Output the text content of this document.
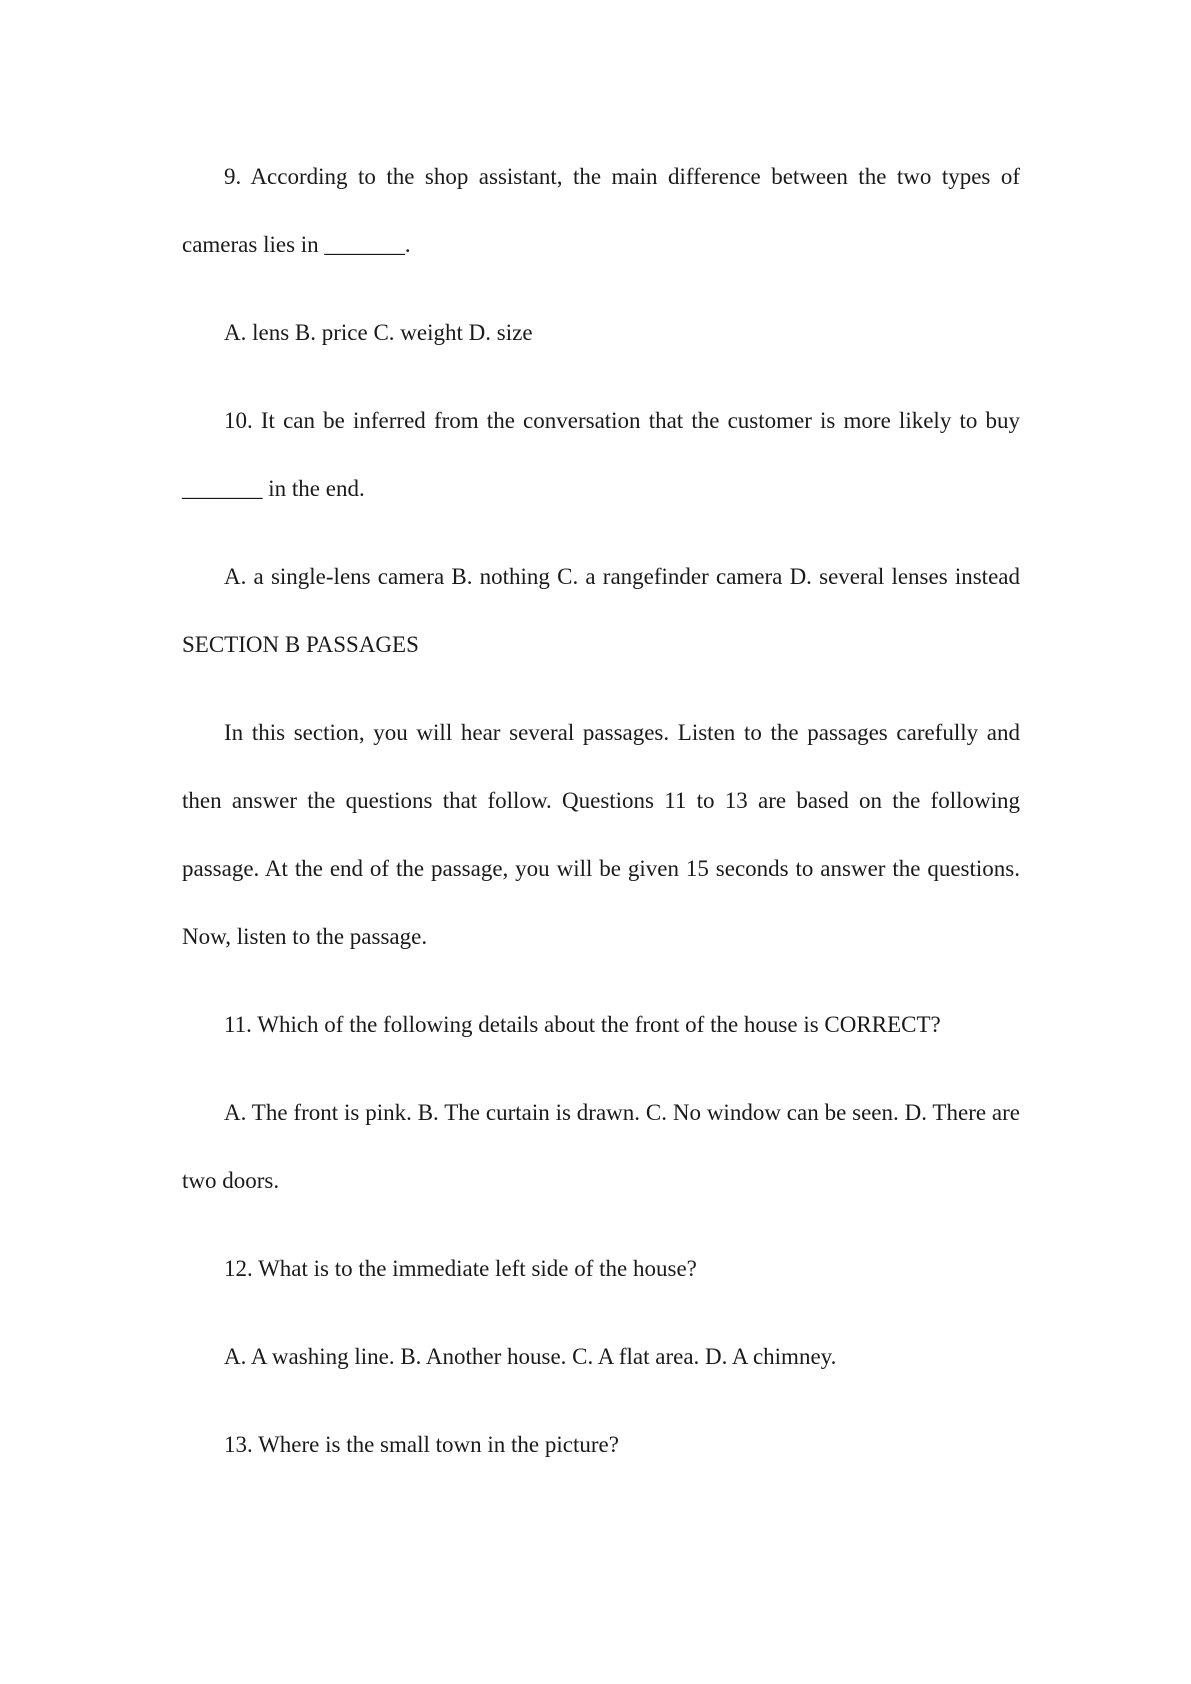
9. According to the shop assistant, the main difference between the two types of cameras lies in _______.

A. lens B. price C. weight D. size

10. It can be inferred from the conversation that the customer is more likely to buy _______ in the end.

A. a single-lens camera B. nothing C. a rangefinder camera D. several lenses instead SECTION B PASSAGES

In this section, you will hear several passages. Listen to the passages carefully and then answer the questions that follow. Questions 11 to 13 are based on the following passage. At the end of the passage, you will be given 15 seconds to answer the questions. Now, listen to the passage.

11. Which of the following details about the front of the house is CORRECT?

A. The front is pink. B. The curtain is drawn. C. No window can be seen. D. There are two doors.

12. What is to the immediate left side of the house?

A. A washing line. B. Another house. C. A flat area. D. A chimney.

13. Where is the small town in the picture?
